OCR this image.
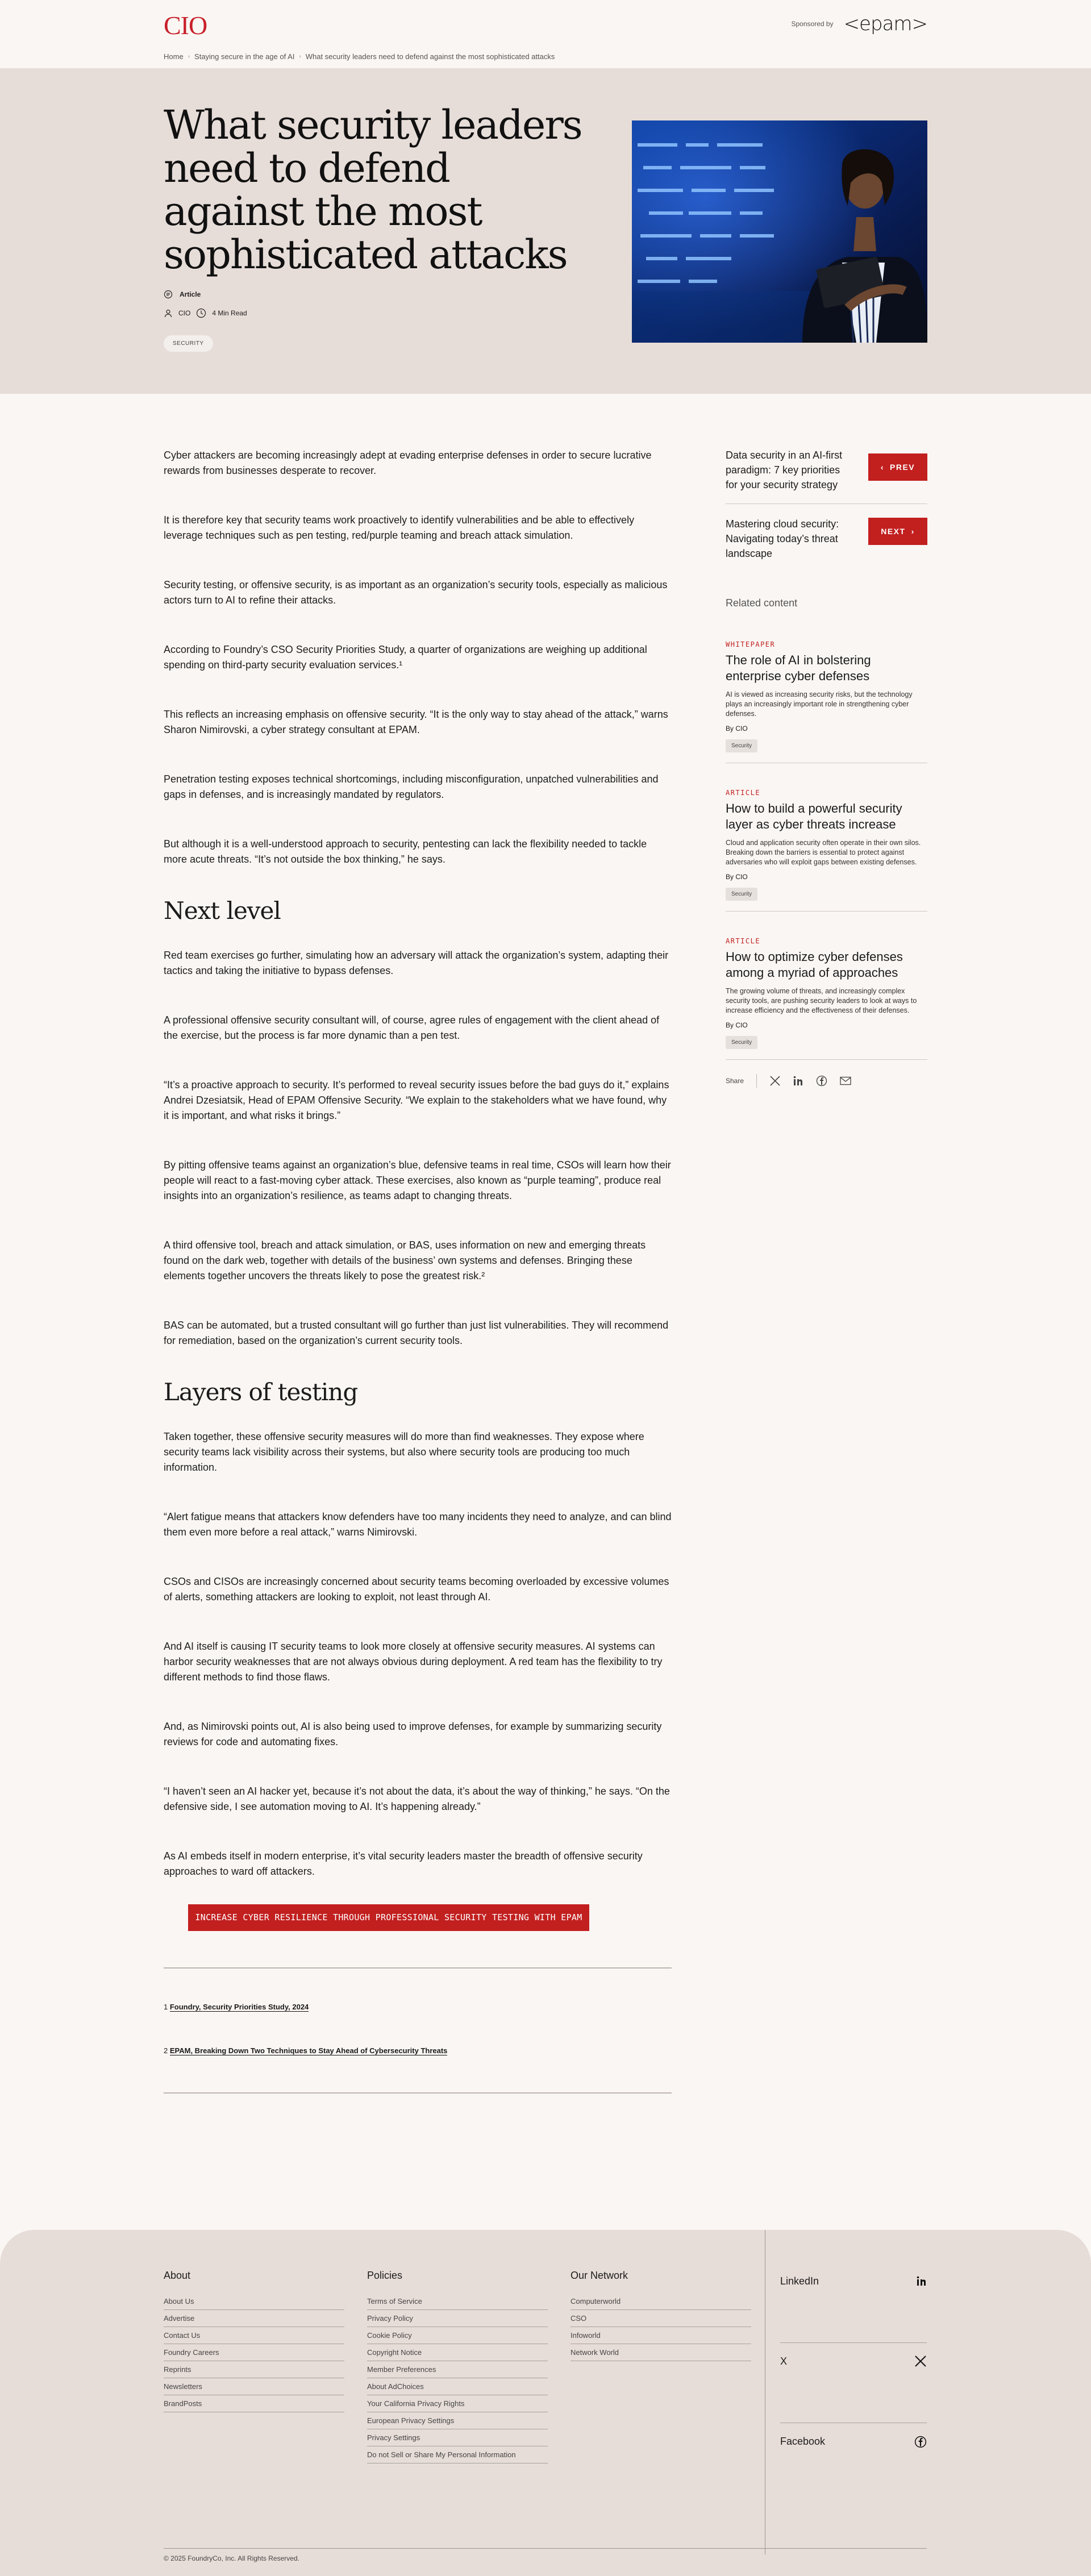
CIO	Sponsored by <epam>
Home › Staying secure in the age of AI › What security leaders need to defend against the most sophisticated attacks
What security leaders need to defend against the most sophisticated attacks
Article
CIO	4 Min Read
SECURITY

Cyber attackers are becoming increasingly adept at evading enterprise defenses in order to secure lucrative rewards from businesses desperate to recover.

It is therefore key that security teams work proactively to identify vulnerabilities and be able to effectively leverage techniques such as pen testing, red/purple teaming and breach attack simulation.

Security testing, or offensive security, is as important as an organization’s security tools, especially as malicious actors turn to AI to refine their attacks.

According to Foundry’s CSO Security Priorities Study, a quarter of organizations are weighing up additional spending on third-party security evaluation services.¹

This reflects an increasing emphasis on offensive security. “It is the only way to stay ahead of the attack,” warns Sharon Nimirovski, a cyber strategy consultant at EPAM.

Penetration testing exposes technical shortcomings, including misconfiguration, unpatched vulnerabilities and gaps in defenses, and is increasingly mandated by regulators.

But although it is a well-understood approach to security, pentesting can lack the flexibility needed to tackle more acute threats. “It’s not outside the box thinking,” he says.

Next level

Red team exercises go further, simulating how an adversary will attack the organization’s system, adapting their tactics and taking the initiative to bypass defenses.

A professional offensive security consultant will, of course, agree rules of engagement with the client ahead of the exercise, but the process is far more dynamic than a pen test.

“It’s a proactive approach to security. It’s performed to reveal security issues before the bad guys do it,” explains Andrei Dzesiatsik, Head of EPAM Offensive Security. “We explain to the stakeholders what we have found, why it is important, and what risks it brings.”

By pitting offensive teams against an organization’s blue, defensive teams in real time, CSOs will learn how their people will react to a fast-moving cyber attack. These exercises, also known as “purple teaming”, produce real insights into an organization’s resilience, as teams adapt to changing threats.

A third offensive tool, breach and attack simulation, or BAS, uses information on new and emerging threats found on the dark web, together with details of the business’ own systems and defenses. Bringing these elements together uncovers the threats likely to pose the greatest risk.²

BAS can be automated, but a trusted consultant will go further than just list vulnerabilities. They will recommend for remediation, based on the organization’s current security tools.

Layers of testing

Taken together, these offensive security measures will do more than find weaknesses. They expose where security teams lack visibility across their systems, but also where security tools are producing too much information.

“Alert fatigue means that attackers know defenders have too many incidents they need to analyze, and can blind them even more before a real attack,” warns Nimirovski.

CSOs and CISOs are increasingly concerned about security teams becoming overloaded by excessive volumes of alerts, something attackers are looking to exploit, not least through AI.

And AI itself is causing IT security teams to look more closely at offensive security measures. AI systems can harbor security weaknesses that are not always obvious during deployment. A red team has the flexibility to try different methods to find those flaws.

And, as Nimirovski points out, AI is also being used to improve defenses, for example by summarizing security reviews for code and automating fixes.

“I haven’t seen an AI hacker yet, because it’s not about the data, it’s about the way of thinking,” he says. “On the defensive side, I see automation moving to AI. It’s happening already.”

As AI embeds itself in modern enterprise, it’s vital security leaders master the breadth of offensive security approaches to ward off attackers.

INCREASE CYBER RESILIENCE THROUGH PROFESSIONAL SECURITY TESTING WITH EPAM
1 Foundry, Security Priorities Study, 2024
2 EPAM, Breaking Down Two Techniques to Stay Ahead of Cybersecurity Threats
Data security in an AI-first paradigm: 7 key priorities for your security strategy
‹ PREV
Mastering cloud security: Navigating today’s threat landscape
NEXT ›
Related content
WHITEPAPER
The role of AI in bolstering enterprise cyber defenses
AI is viewed as increasing security risks, but the technology plays an increasingly important role in strengthening cyber defenses.
By CIO
Security
ARTICLE
How to build a powerful security layer as cyber threats increase
Cloud and application security often operate in their own silos. Breaking down the barriers is essential to protect against adversaries who will exploit gaps between existing defenses.
By CIO
Security
ARTICLE
How to optimize cyber defenses among a myriad of approaches
The growing volume of threats, and increasingly complex security tools, are pushing security leaders to look at ways to increase efficiency and the effectiveness of their defenses.
By CIO
Security
Share
About
About Us
Advertise
Contact Us
Foundry Careers
Reprints
Newsletters
BrandPosts
Policies
Terms of Service
Privacy Policy
Cookie Policy
Copyright Notice
Member Preferences
About AdChoices
Your California Privacy Rights
European Privacy Settings
Privacy Settings
Do not Sell or Share My Personal Information
Our Network
Computerworld
CSO
Infoworld
Network World
LinkedIn
X
Facebook
© 2025 FoundryCo, Inc. All Rights Reserved.
